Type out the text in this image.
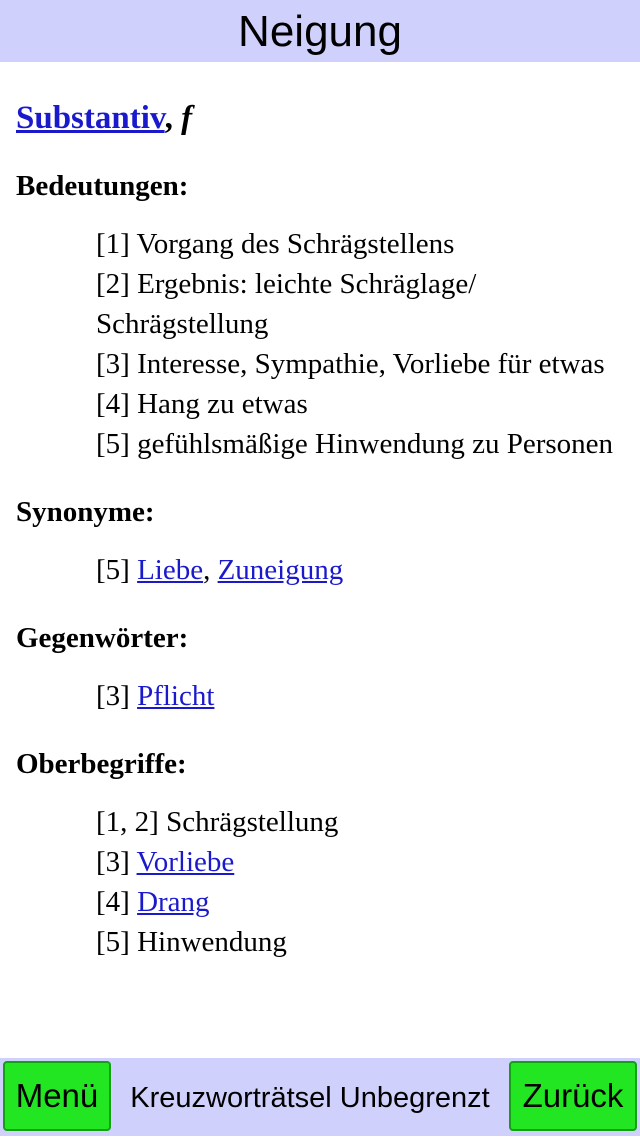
Neigung
Substantiv, f
Bedeutungen:
[1] Vorgang des Schrägstellens
[2] Ergebnis: leichte Schräglage/ Schrägstellung
[3] Interesse, Sympathie, Vorliebe für etwas
[4] Hang zu etwas
[5] gefühlsmäßige Hinwendung zu Personen
Synonyme:
[5] Liebe, Zuneigung
Gegenwörter:
[3] Pflicht
Oberbegriffe:
[1, 2] Schrägstellung
[3] Vorliebe
[4] Drang
[5] Hinwendung
Menü	Kreuzworträtsel Unbegrenzt Zurück
